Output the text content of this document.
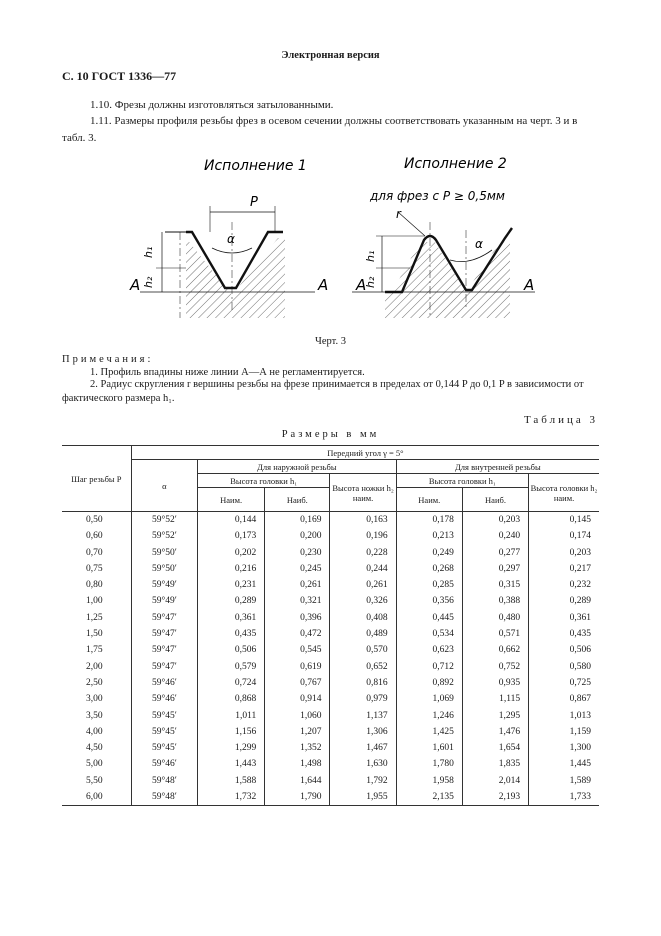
Электронная версия
С. 10 ГОСТ 1336—77
1.10. Фрезы должны изготовляться затылованными.
1.11. Размеры профиля резьбы фрез в осевом сечении должны соответствовать указанным на черт. 3 и в табл. 3.
Исполнение 1
A	A
P
α
h₁
h₂
Исполнение 2
для фрез с P ≥ 0,5мм
A	A
r
α
h₁
h₂
Черт. 3
Примечания:
1. Профиль впадины ниже линии А—А не регламентируется.
2. Радиус скругления r вершины резьбы на фрезе принимается в пределах от 0,144 P до 0,1 P в зависимости от фактического размера h₁.
Таблица 3
Размеры в мм
Шаг резьбы P	Передний угол γ = 5°						
	α	Для наружной резьбы			Для внутренней резьбы		
		Высота головки h₁		Высота ножки h₂ наим.	Высота головки h₁		Высота головки h₂ наим.
		Наим.	Наиб.		Наим.	Наиб.	
0,50	59°52′	0,144	0,169	0,163	0,178	0,203	0,145
0,60	59°52′	0,173	0,200	0,196	0,213	0,240	0,174
0,70	59°50′	0,202	0,230	0,228	0,249	0,277	0,203
0,75	59°50′	0,216	0,245	0,244	0,268	0,297	0,217
0,80	59°49′	0,231	0,261	0,261	0,285	0,315	0,232
1,00	59°49′	0,289	0,321	0,326	0,356	0,388	0,289
1,25	59°47′	0,361	0,396	0,408	0,445	0,480	0,361
1,50	59°47′	0,435	0,472	0,489	0,534	0,571	0,435
1,75	59°47′	0,506	0,545	0,570	0,623	0,662	0,506
2,00	59°47′	0,579	0,619	0,652	0,712	0,752	0,580
2,50	59°46′	0,724	0,767	0,816	0,892	0,935	0,725
3,00	59°46′	0,868	0,914	0,979	1,069	1,115	0,867
3,50	59°45′	1,011	1,060	1,137	1,246	1,295	1,013
4,00	59°45′	1,156	1,207	1,306	1,425	1,476	1,159
4,50	59°45′	1,299	1,352	1,467	1,601	1,654	1,300
5,00	59°46′	1,443	1,498	1,630	1,780	1,835	1,445
5,50	59°48′	1,588	1,644	1,792	1,958	2,014	1,589
6,00	59°48′	1,732	1,790	1,955	2,135	2,193	1,733
